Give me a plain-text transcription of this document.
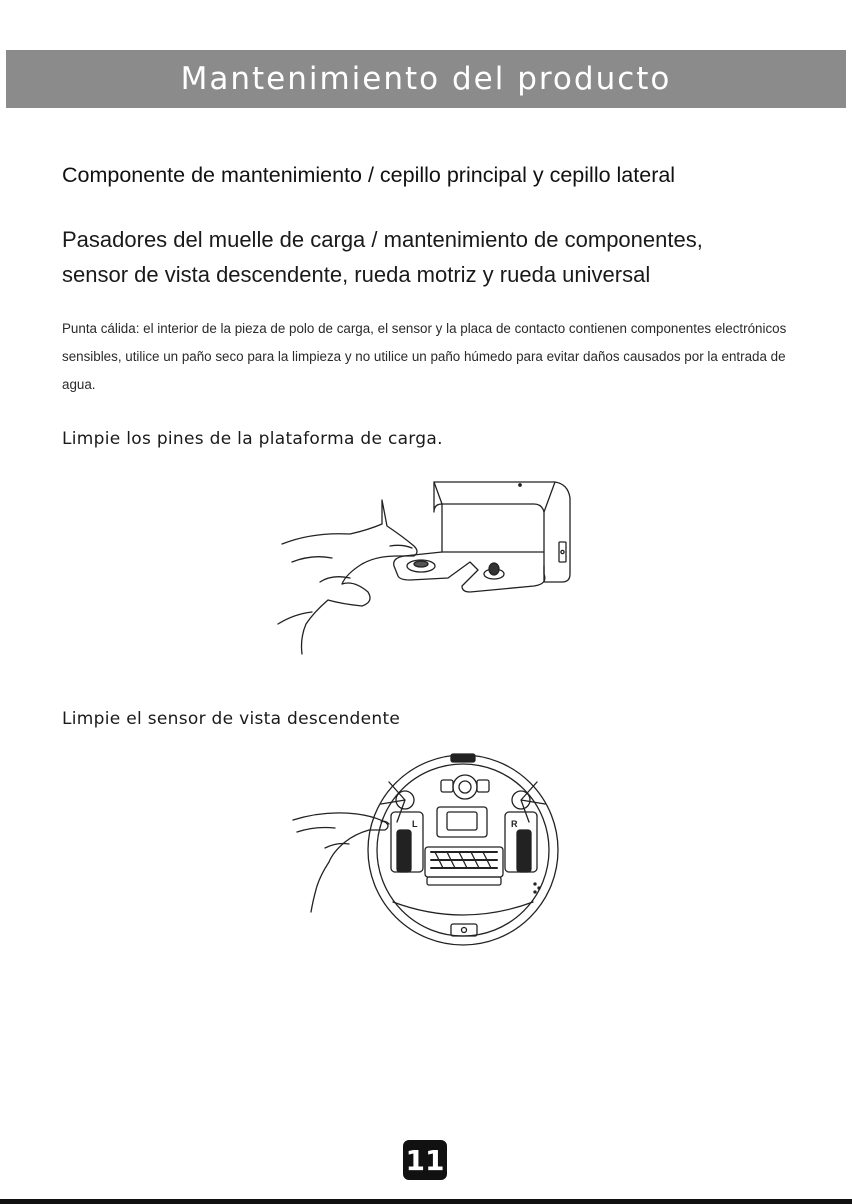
Mantenimiento del producto
Componente de mantenimiento / cepillo principal y cepillo lateral
Pasadores del muelle de carga / mantenimiento de componentes,
sensor de vista descendente, rueda motriz y rueda universal
Punta cálida: el interior de la pieza de polo de carga, el sensor y la placa de contacto contienen componentes electrónicos sensibles, utilice un paño seco para la limpieza y no utilice un paño húmedo para evitar daños causados por la entrada de agua.
Limpie los pines de la plataforma de carga.
Limpie el sensor de vista descendente
L	R
11
